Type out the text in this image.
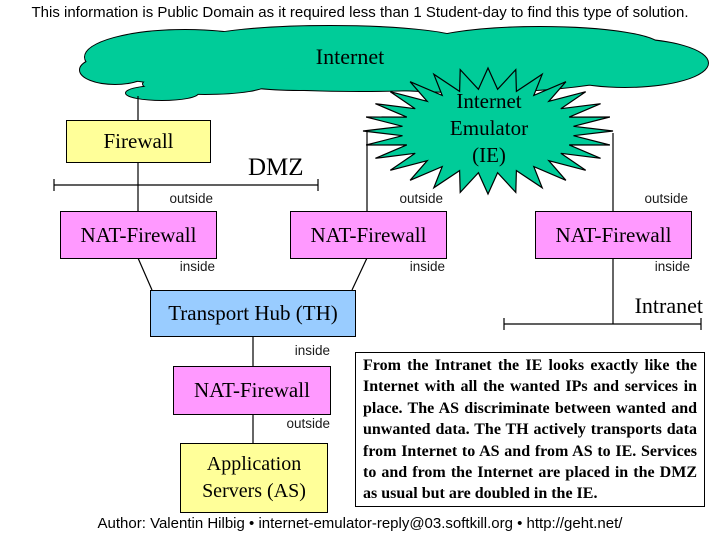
This information is Public Domain as it required less than 1 Student-day to find this type of solution.
Internet
Internet
Emulator
(IE)
Firewall
DMZ
outside	outside	outside
NAT-Firewall	NAT-Firewall	NAT-Firewall
inside	inside	inside
Transport Hub (TH)	Intranet
inside
NAT-Firewall
outside
Application
Servers (AS)
From the Intranet the IE looks exactly like the Internet with all the wanted IPs and services in place. The AS discriminate between wanted and unwanted data. The TH actively transports data from Internet to AS and from AS to IE. Services to and from the Internet are placed in the DMZ as usual but are doubled in the IE.
Author: Valentin Hilbig • internet-emulator-reply@03.softkill.org • http://geht.net/
